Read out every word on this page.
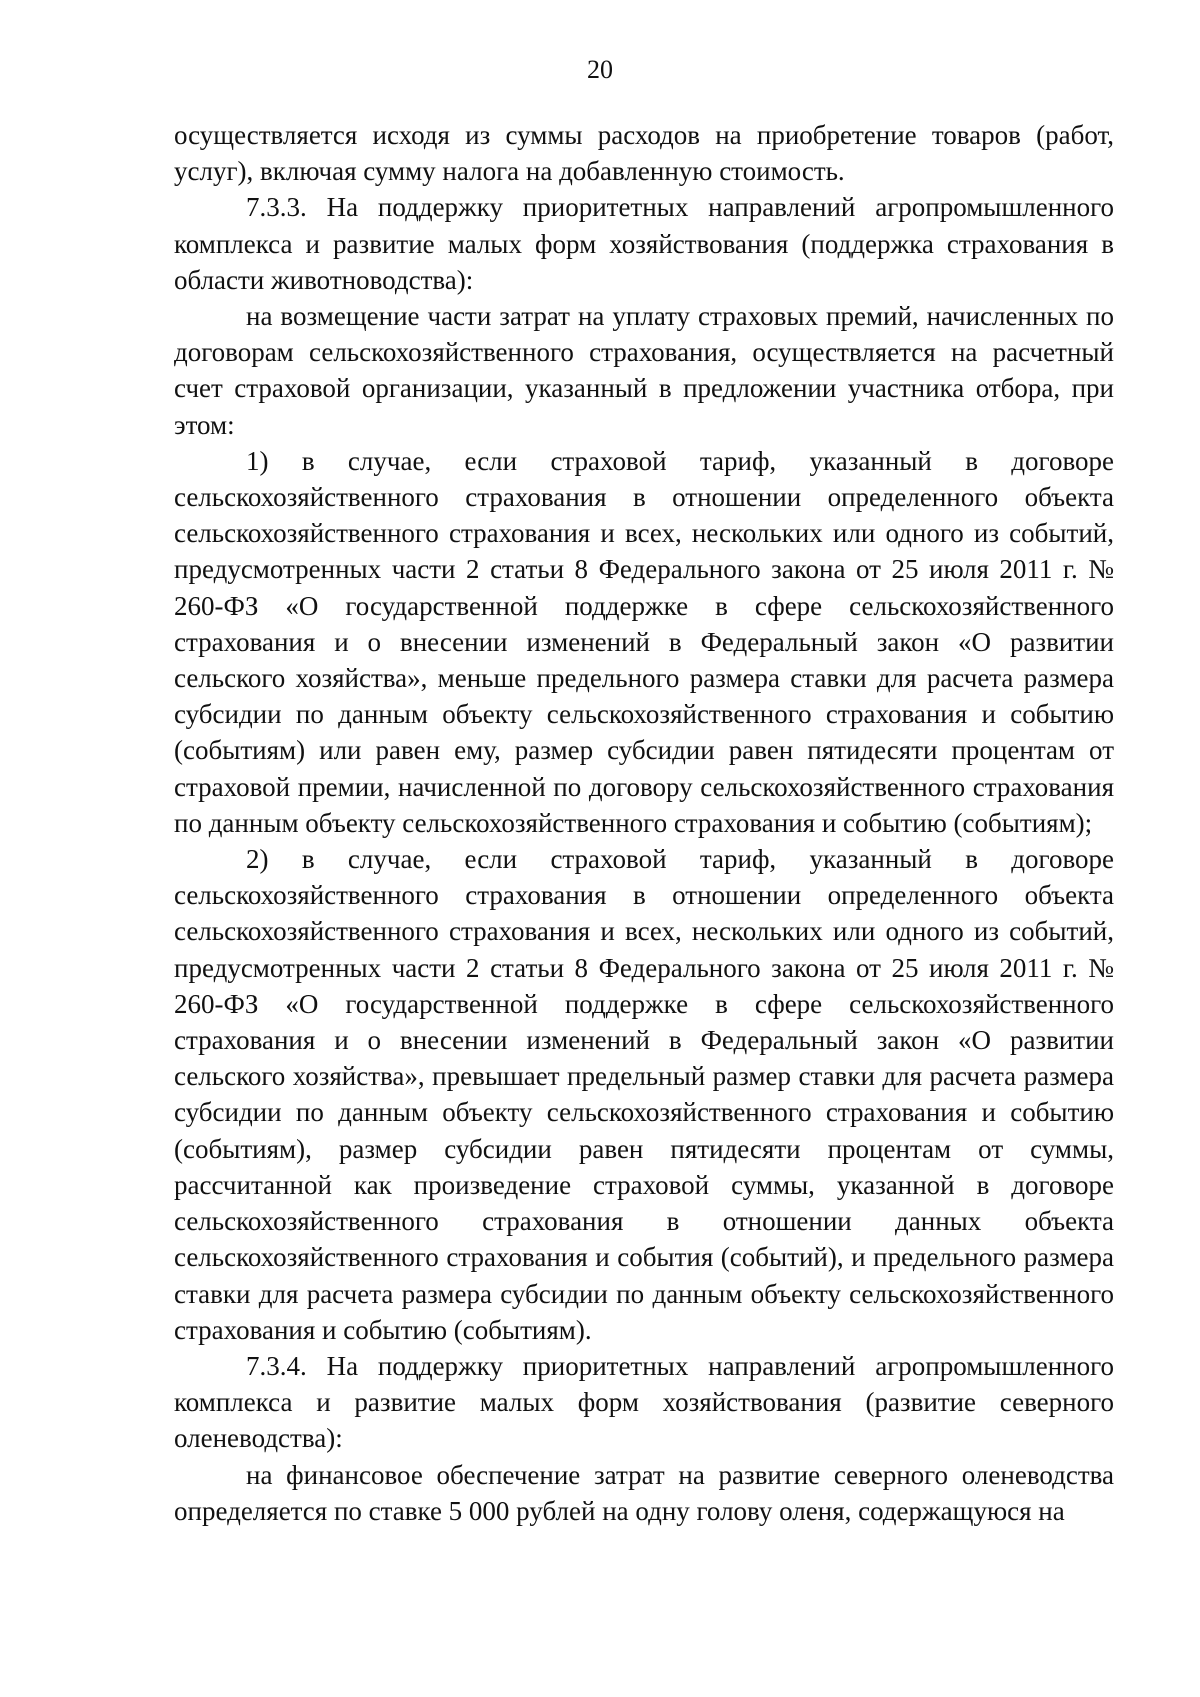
20

осуществляется исходя из суммы расходов на приобретение товаров (работ, услуг), включая сумму налога на добавленную стоимость.

7.3.3. На поддержку приоритетных направлений агропромышленного комплекса и развитие малых форм хозяйствования (поддержка страхования в области животноводства):

на возмещение части затрат на уплату страховых премий, начисленных по договорам сельскохозяйственного страхования, осуществляется на расчетный счет страховой организации, указанный в предложении участника отбора, при этом:

1) в случае, если страховой тариф, указанный в договоре сельскохозяйственного страхования в отношении определенного объекта сельскохозяйственного страхования и всех, нескольких или одного из событий, предусмотренных части 2 статьи 8 Федерального закона от 25 июля 2011 г. № 260-ФЗ «О государственной поддержке в сфере сельскохозяйственного страхования и о внесении изменений в Федеральный закон «О развитии сельского хозяйства», меньше предельного размера ставки для расчета размера субсидии по данным объекту сельскохозяйственного страхования и событию (событиям) или равен ему, размер субсидии равен пятидесяти процентам от страховой премии, начисленной по договору сельскохозяйственного страхования по данным объекту сельскохозяйственного страхования и событию (событиям);

2) в случае, если страховой тариф, указанный в договоре сельскохозяйственного страхования в отношении определенного объекта сельскохозяйственного страхования и всех, нескольких или одного из событий, предусмотренных части 2 статьи 8 Федерального закона от 25 июля 2011 г. № 260-ФЗ «О государственной поддержке в сфере сельскохозяйственного страхования и о внесении изменений в Федеральный закон «О развитии сельского хозяйства», превышает предельный размер ставки для расчета размера субсидии по данным объекту сельскохозяйственного страхования и событию (событиям), размер субсидии равен пятидесяти процентам от суммы, рассчитанной как произведение страховой суммы, указанной в договоре сельскохозяйственного страхования в отношении данных объекта сельскохозяйственного страхования и события (событий), и предельного размера ставки для расчета размера субсидии по данным объекту сельскохозяйственного страхования и событию (событиям).

7.3.4. На поддержку приоритетных направлений агропромышленного комплекса и развитие малых форм хозяйствования (развитие северного оленеводства):

на финансовое обеспечение затрат на развитие северного оленеводства определяется по ставке 5 000 рублей на одну голову оленя, содержащуюся на
